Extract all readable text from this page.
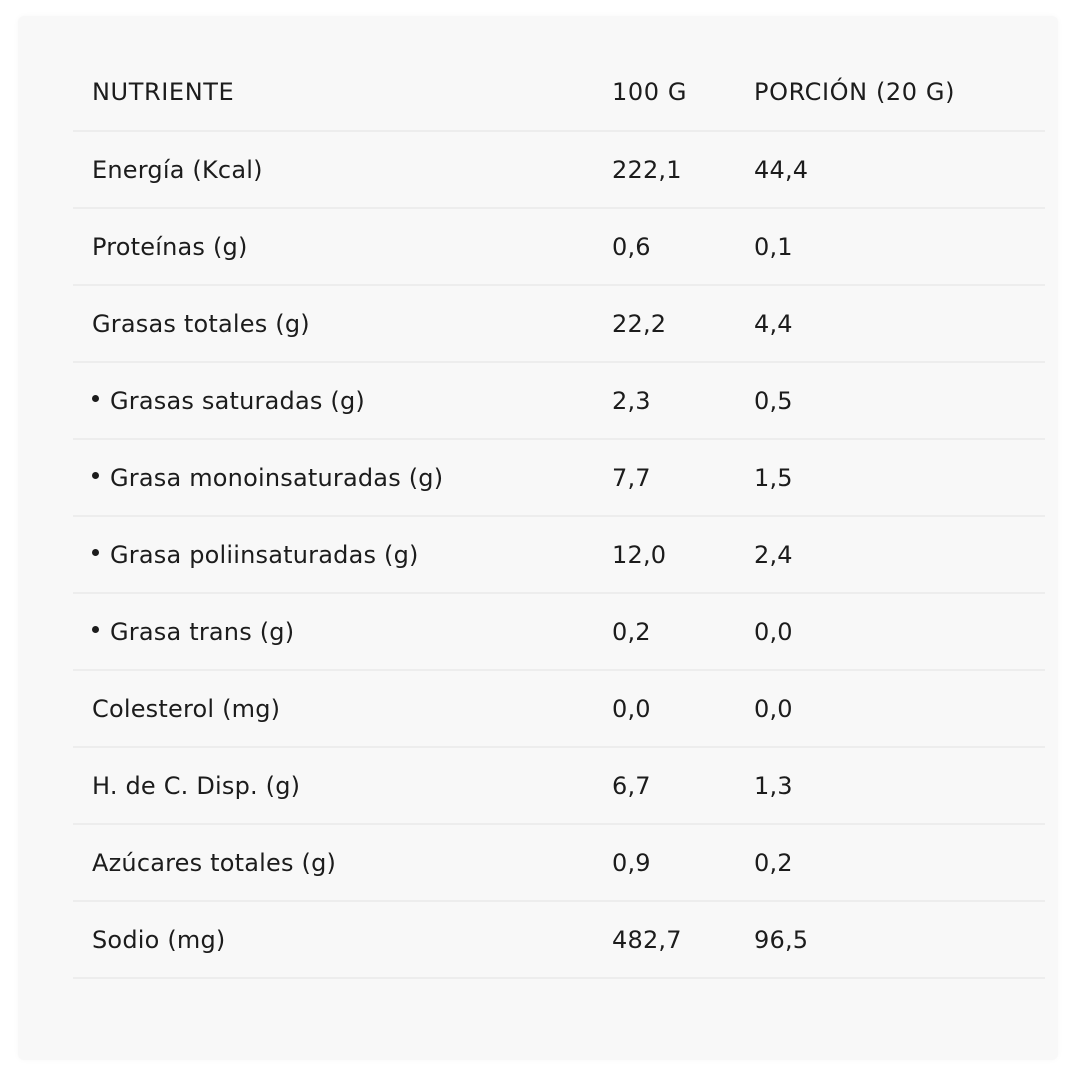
NUTRIENTE	100 G	PORCIÓN (20 G)
Energía (Kcal)	222,1	44,4
Proteínas (g)	0,6	0,1
Grasas totales (g)	22,2	4,4
Grasas saturadas (g)	2,3	0,5
Grasa monoinsaturadas (g)	7,7	1,5
Grasa poliinsaturadas (g)	12,0	2,4
Grasa trans (g)	0,2	0,0
Colesterol (mg)	0,0	0,0
H. de C. Disp. (g)	6,7	1,3
Azúcares totales (g)	0,9	0,2
Sodio (mg)	482,7	96,5
